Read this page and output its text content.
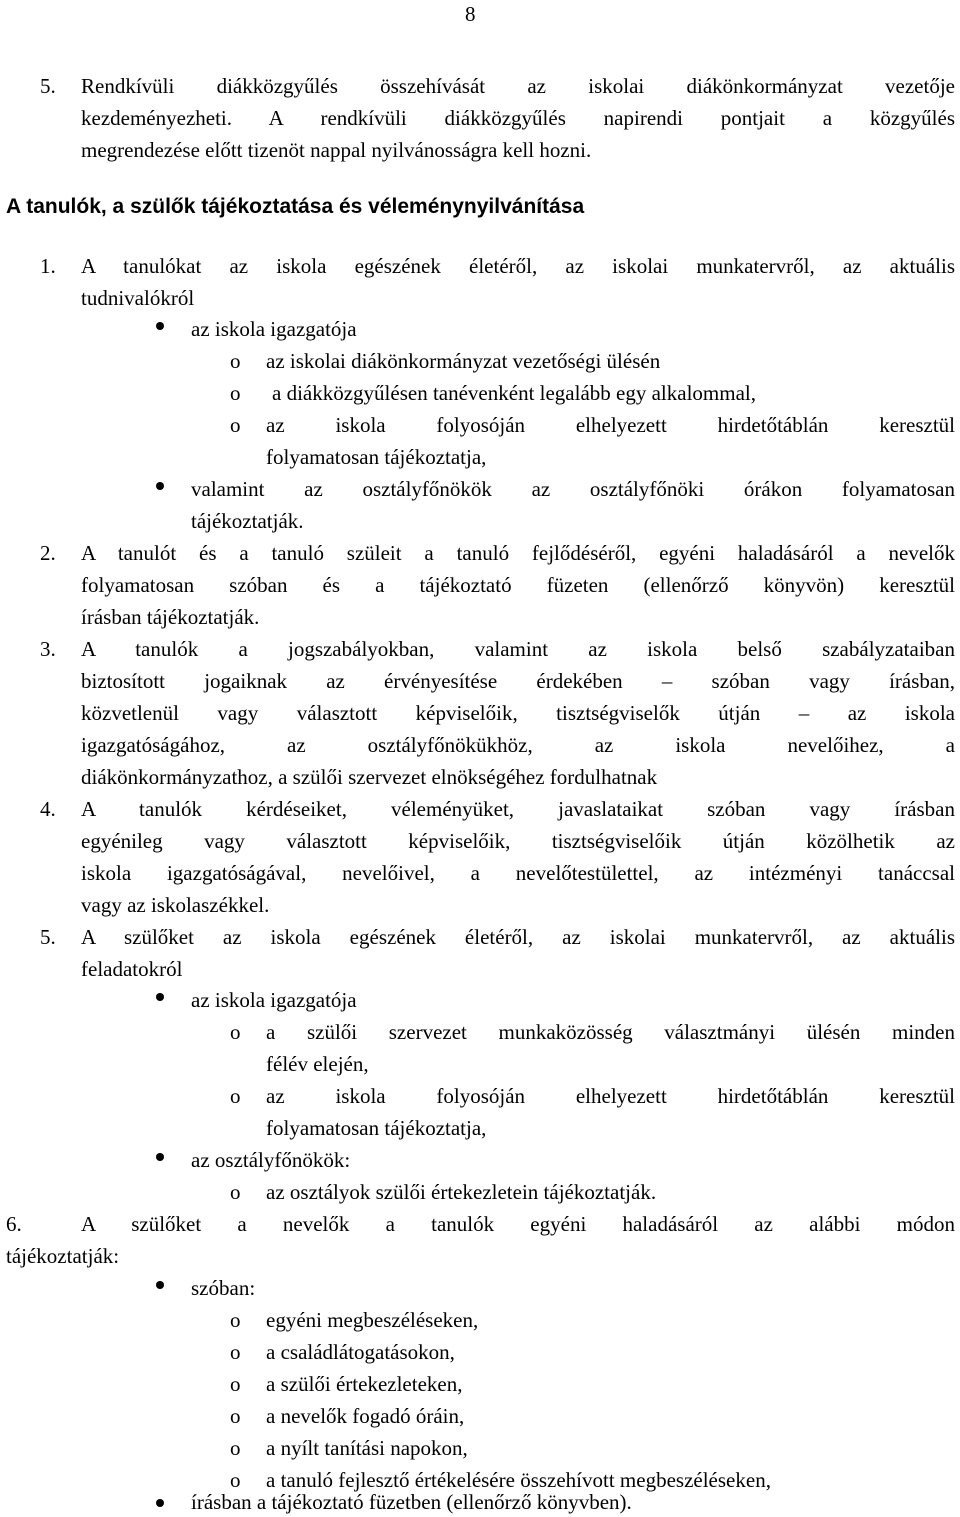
8
5. Rendkívüli diákközgyűlés összehívását az iskolai diákönkormányzat vezetője
kezdeményezheti. A rendkívüli diákközgyűlés napirendi pontjait a közgyűlés
megrendezése előtt tizenöt nappal nyilvánosságra kell hozni.
A tanulók, a szülők tájékoztatása és véleménynyilvánítása
1. A tanulókat az iskola egészének életéről, az iskolai munkatervről, az aktuális
tudnivalókról
az iskola igazgatója
o az iskolai diákönkormányzat vezetőségi ülésén
o a diákközgyűlésen tanévenként legalább egy alkalommal,
o az iskola folyosóján elhelyezett hirdetőtáblán keresztül
folyamatosan tájékoztatja,
valamint az osztályfőnökök az osztályfőnöki órákon folyamatosan
tájékoztatják.
2. A tanulót és a tanuló szüleit a tanuló fejlődéséről, egyéni haladásáról a nevelők
folyamatosan szóban és a tájékoztató füzeten (ellenőrző könyvön) keresztül
írásban tájékoztatják.
3. A tanulók a jogszabályokban, valamint az iskola belső szabályzataiban
biztosított jogaiknak az érvényesítése érdekében – szóban vagy írásban,
közvetlenül vagy választott képviselőik, tisztségviselők útján – az iskola
igazgatóságához, az osztályfőnökükhöz, az iskola nevelőihez, a
diákönkormányzathoz, a szülői szervezet elnökségéhez fordulhatnak
4. A tanulók kérdéseiket, véleményüket, javaslataikat szóban vagy írásban
egyénileg vagy választott képviselőik, tisztségviselőik útján közölhetik az
iskola igazgatóságával, nevelőivel, a nevelőtestülettel, az intézményi tanáccsal
vagy az iskolaszékkel.
5. A szülőket az iskola egészének életéről, az iskolai munkatervről, az aktuális
feladatokról
az iskola igazgatója
o a szülői szervezet munkaközösség választmányi ülésén minden
félév elején,
o az iskola folyosóján elhelyezett hirdetőtáblán keresztül
folyamatosan tájékoztatja,
az osztályfőnökök:
o az osztályok szülői értekezletein tájékoztatják.
6.	A szülőket a nevelők a tanulók egyéni haladásáról az alábbi módon
tájékoztatják:
szóban:
o egyéni megbeszéléseken,
o a családlátogatásokon,
o a szülői értekezleteken,
o a nevelők fogadó óráin,
o a nyílt tanítási napokon,
o a tanuló fejlesztő értékelésére összehívott megbeszéléseken,
írásban a tájékoztató füzetben (ellenőrző könyvben).
